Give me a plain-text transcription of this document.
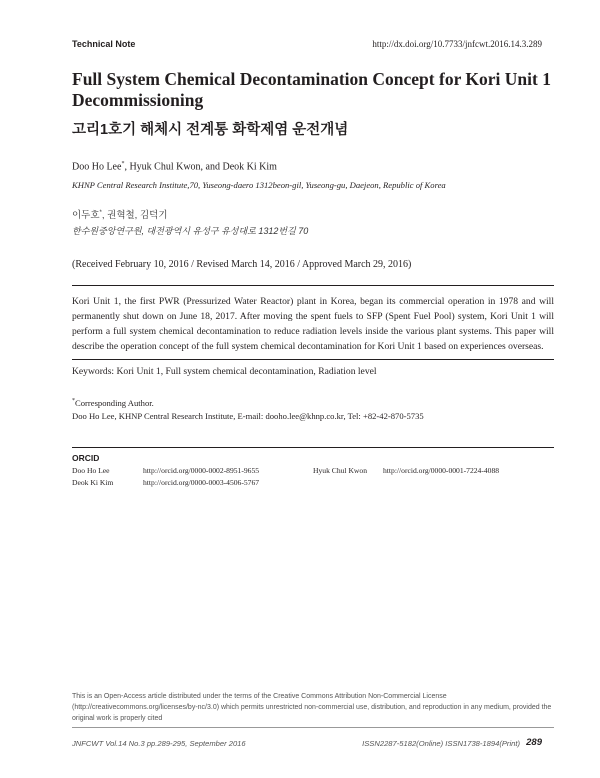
Technical Note	http://dx.doi.org/10.7733/jnfcwt.2016.14.3.289
Full System Chemical Decontamination Concept for Kori Unit 1 Decommissioning
고리1호기 해체시 전계통 화학제염 운전개념
Doo Ho Lee*, Hyuk Chul Kwon, and Deok Ki Kim
KHNP Central Research Institute,70, Yuseong-daero 1312beon-gil, Yuseong-gu, Daejeon, Republic of Korea
이두호*, 권혁철, 김덕기
한수원중앙연구원, 대전광역시 유성구 유성대로 1312번길 70
(Received February 10, 2016 / Revised March 14, 2016 / Approved March 29, 2016)
Kori Unit 1, the first PWR (Pressurized Water Reactor) plant in Korea, began its commercial operation in 1978 and will permanently shut down on June 18, 2017. After moving the spent fuels to SFP (Spent Fuel Pool) system, Kori Unit 1 will perform a full system chemical decontamination to reduce radiation levels inside the various plant systems. This paper will describe the operation concept of the full system chemical decontamination for Kori Unit 1 based on experiences overseas.
Keywords: Kori Unit 1, Full system chemical decontamination, Radiation level
*Corresponding Author.
Doo Ho Lee, KHNP Central Research Institute, E-mail: dooho.lee@khnp.co.kr, Tel: +82-42-870-5735
ORCID
Doo Ho Lee	http://orcid.org/0000-0002-8951-9655	Hyuk Chul Kwon http://orcid.org/0000-0001-7224-4088
Deok Ki Kim	http://orcid.org/0000-0003-4506-5767
This is an Open-Access article distributed under the terms of the Creative Commons Attribution Non-Commercial License (http://creativecommons.org/licenses/by-nc/3.0) which permits unrestricted non-commercial use, distribution, and reproduction in any medium, provided the original work is properly cited
JNFCWT Vol.14 No.3 pp.289-295, September 2016	ISSN2287-5182(Online) ISSN1738-1894(Print) 289
